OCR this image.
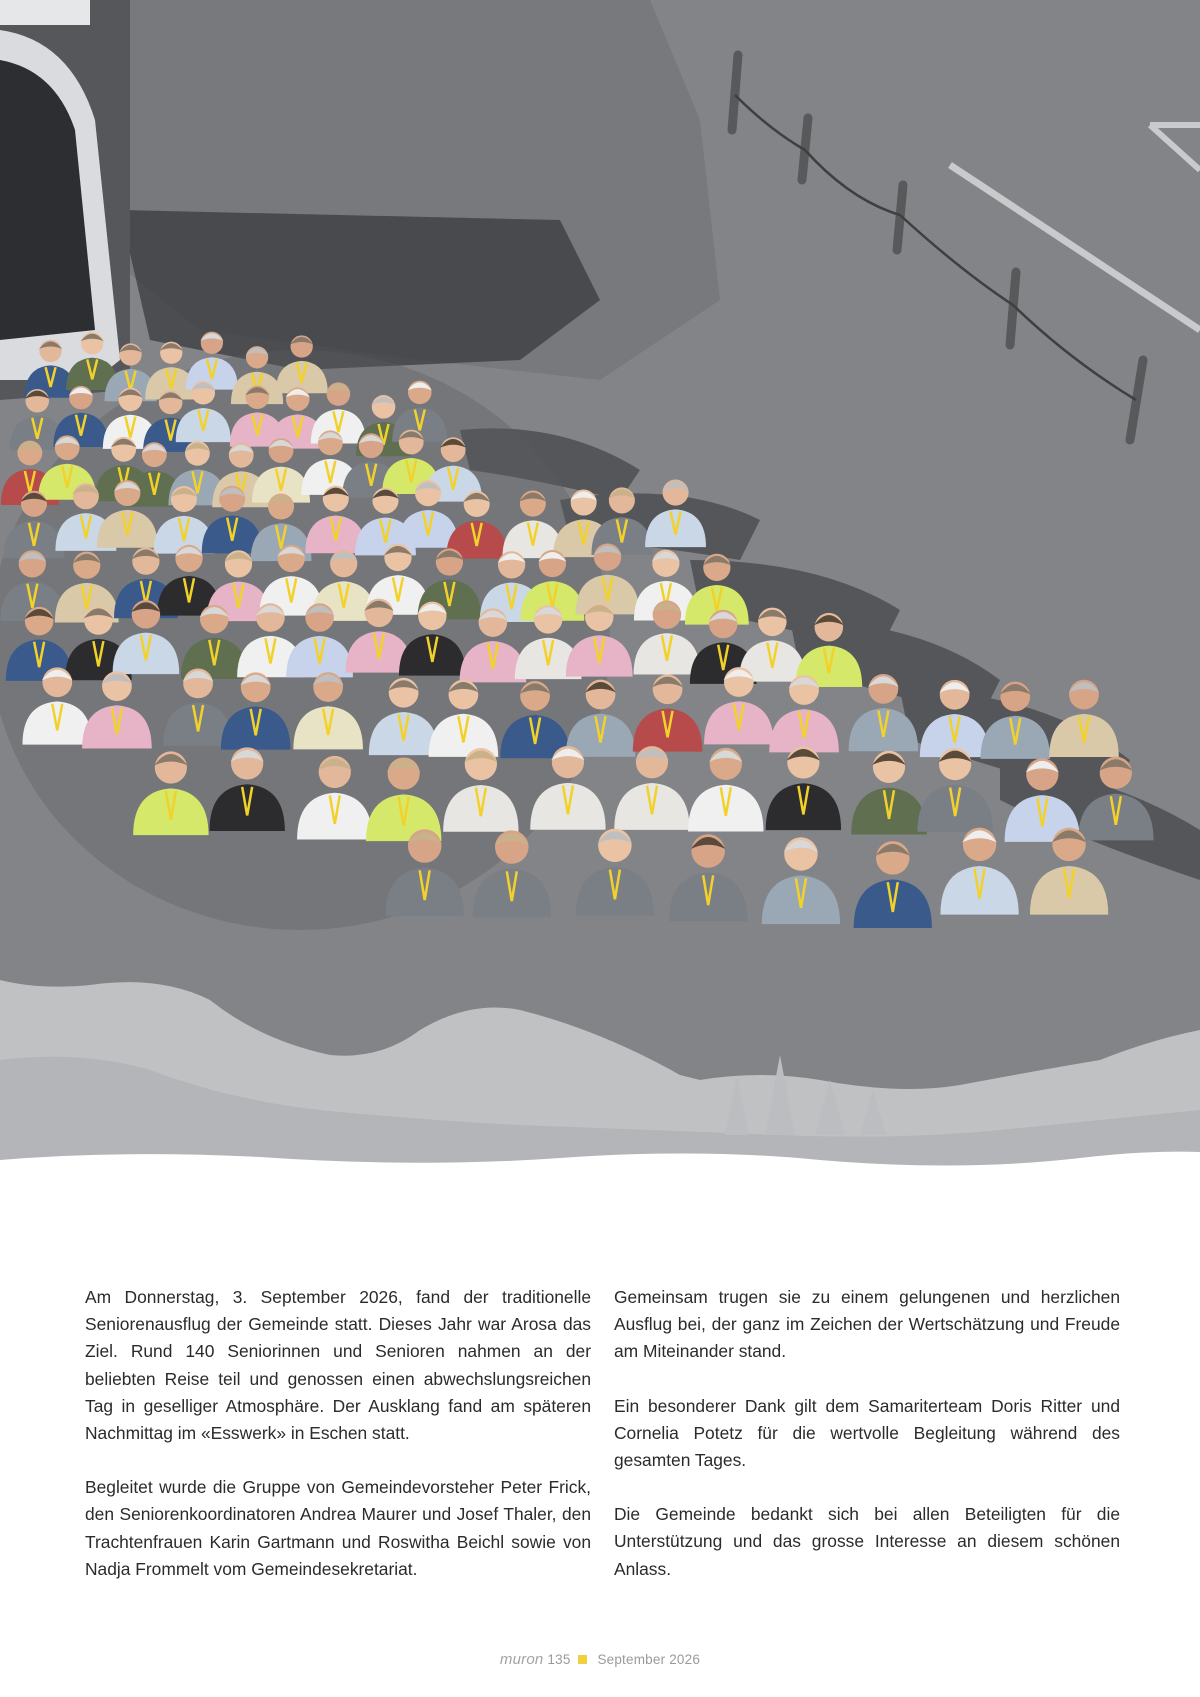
Am Donnerstag, 3. September 2026, fand der traditionelle Seniorenausflug der Gemeinde statt. Dieses Jahr war Arosa das Ziel. Rund 140 Seniorinnen und Senioren nahmen an der beliebten Reise teil und genossen einen abwechslungsreichen Tag in geselliger Atmosphäre. Der Ausklang fand am späteren Nachmittag im «Esswerk» in Eschen statt.

Begleitet wurde die Gruppe von Gemeindevorsteher Peter Frick, den Seniorenkoordinatoren Andrea Maurer und Josef Thaler, den Trachtenfrauen Karin Gartmann und Roswitha Beichl sowie von Nadja Frommelt vom Gemeindesekretariat.

Gemeinsam trugen sie zu einem gelungenen und herzlichen Ausflug bei, der ganz im Zeichen der Wertschätzung und Freude am Miteinander stand.

Ein besonderer Dank gilt dem Samariterteam Doris Ritter und Cornelia Potetz für die wertvolle Begleitung während des gesamten Tages.

Die Gemeinde bedankt sich bei allen Beteiligten für die Unterstützung und das grosse Interesse an diesem schönen Anlass.

muron 135 September 2026
